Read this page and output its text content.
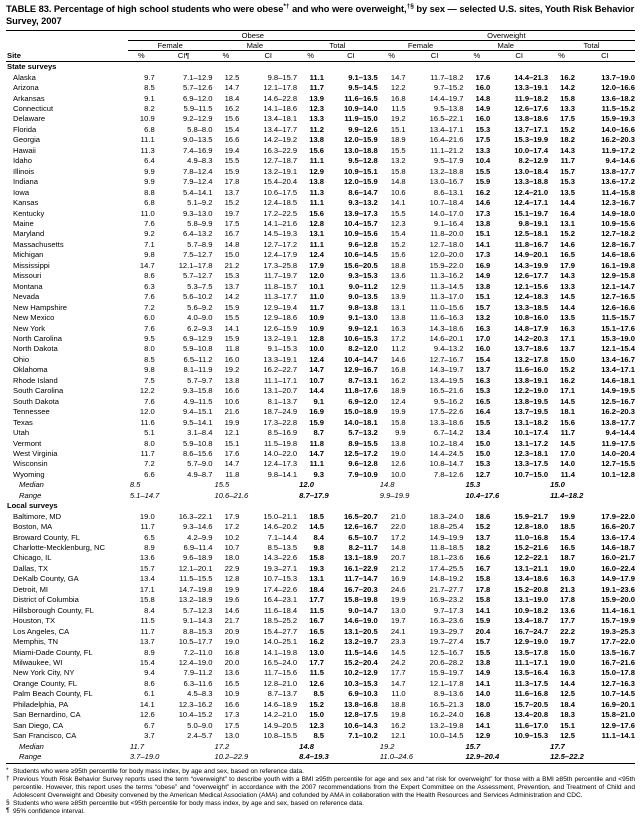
TABLE 83. Percentage of high school students who were obese*† and who were overweight,†§ by sex — selected U.S. sites, Youth Risk Behavior Survey, 2007
	Obese						Overweight					
	Female		Male		Total		Female		Male		Total	
Site	%	CI¶	%	CI	%	CI	%	CI	%	CI	%	CI
State surveys												
Alaska	9.7	7.1–12.9	12.5	9.8–15.7	11.1	9.1–13.5	14.7	11.7–18.2	17.6	14.4–21.3	16.2	13.7–19.0
Arizona	8.5	5.7–12.6	14.7	12.1–17.8	11.7	9.5–14.5	12.2	9.7–15.2	16.0	13.3–19.1	14.2	12.0–16.6
Arkansas	9.1	6.9–12.0	18.4	14.6–22.8	13.9	11.6–16.5	16.8	14.4–19.7	14.8	11.9–18.2	15.8	13.6–18.2
Connecticut	8.2	5.9–11.5	16.2	14.1–18.6	12.3	10.9–14.0	11.5	9.5–13.8	14.9	12.6–17.6	13.3	11.5–15.2
Delaware	10.9	9.2–12.9	15.6	13.4–18.1	13.3	11.9–15.0	19.2	16.5–22.1	16.0	13.8–18.6	17.5	15.9–19.3
Florida	6.8	5.8–8.0	15.4	13.4–17.7	11.2	9.9–12.6	15.1	13.4–17.1	15.3	13.7–17.1	15.2	14.0–16.6
Georgia	11.1	9.0–13.5	16.6	14.2–19.2	13.8	12.0–15.9	18.9	16.4–21.6	17.5	15.3–19.9	18.2	16.2–20.3
Hawaii	11.3	7.4–16.9	19.4	16.3–22.9	15.6	13.0–18.8	15.5	11.1–21.2	13.3	10.0–17.4	14.3	11.9–17.2
Idaho	6.4	4.9–8.3	15.5	12.7–18.7	11.1	9.5–12.8	13.2	9.5–17.9	10.4	8.2–12.9	11.7	9.4–14.6
Illinois	9.9	7.8–12.4	15.9	13.2–19.1	12.9	10.9–15.1	15.8	13.2–18.8	15.5	13.0–18.4	15.7	13.8–17.7
Indiana	9.9	7.9–12.4	17.8	15.4–20.4	13.8	12.0–15.9	14.8	13.0–16.7	15.9	13.3–18.8	15.3	13.6–17.2
Iowa	8.8	5.4–14.1	13.7	10.6–17.5	11.3	8.6–14.7	10.6	8.6–13.1	16.2	12.4–21.0	13.5	11.4–15.8
Kansas	6.8	5.1–9.2	15.2	12.4–18.5	11.1	9.3–13.2	14.1	10.7–18.4	14.6	12.4–17.1	14.4	12.3–16.7
Kentucky	11.0	9.3–13.0	19.7	17.2–22.5	15.6	13.9–17.3	15.5	14.0–17.0	17.3	15.1–19.7	16.4	14.9–18.0
Maine	7.6	5.8–9.9	17.5	14.1–21.6	12.8	10.4–15.7	12.3	9.1–16.4	13.8	9.8–19.1	13.1	10.9–15.6
Maryland	9.2	6.4–13.2	16.7	14.5–19.3	13.1	10.9–15.6	15.4	11.8–20.0	15.1	12.5–18.1	15.2	12.7–18.2
Massachusetts	7.1	5.7–8.9	14.8	12.7–17.2	11.1	9.6–12.8	15.2	12.7–18.0	14.1	11.8–16.7	14.6	12.8–16.7
Michigan	9.8	7.5–12.7	15.0	12.4–17.9	12.4	10.6–14.5	15.6	12.0–20.0	17.3	14.9–20.1	16.5	14.6–18.6
Mississippi	14.7	12.1–17.8	21.2	17.3–25.8	17.9	15.6–20.5	18.8	15.9–22.0	16.9	14.3–19.9	17.9	16.1–19.8
Missouri	8.6	5.7–12.7	15.3	11.7–19.7	12.0	9.3–15.3	13.6	11.3–16.2	14.9	12.6–17.7	14.3	12.9–15.8
Montana	6.3	5.3–7.5	13.7	11.8–15.7	10.1	9.0–11.2	12.9	11.3–14.5	13.8	12.1–15.6	13.3	12.1–14.7
Nevada	7.6	5.6–10.2	14.2	11.3–17.7	11.0	9.0–13.5	13.9	11.3–17.0	15.1	12.4–18.3	14.5	12.7–16.5
New Hampshire	7.2	5.6–9.2	15.9	12.9–19.4	11.7	9.8–13.8	13.1	11.0–15.6	15.7	13.3–18.5	14.4	12.6–16.6
New Mexico	6.0	4.0–9.0	15.5	12.9–18.6	10.9	9.1–13.0	13.8	11.6–16.3	13.2	10.8–16.0	13.5	11.5–15.7
New York	7.6	6.2–9.3	14.1	12.6–15.9	10.9	9.9–12.1	16.3	14.3–18.6	16.3	14.8–17.9	16.3	15.1–17.6
North Carolina	9.5	6.9–12.9	15.9	13.2–19.1	12.8	10.6–15.3	17.2	14.6–20.1	17.0	14.2–20.3	17.1	15.3–19.0
North Dakota	8.0	5.9–10.8	11.8	9.1–15.3	10.0	8.2–12.0	11.2	9.4–13.2	16.0	13.7–18.6	13.7	12.1–15.4
Ohio	8.5	6.5–11.2	16.0	13.3–19.1	12.4	10.4–14.7	14.6	12.7–16.7	15.4	13.2–17.8	15.0	13.4–16.7
Oklahoma	9.8	8.1–11.9	19.2	16.2–22.7	14.7	12.9–16.7	16.8	14.3–19.7	13.7	11.6–16.0	15.2	13.4–17.1
Rhode Island	7.5	5.7–9.7	13.8	11.1–17.1	10.7	8.7–13.1	16.2	13.4–19.5	16.3	13.8–19.1	16.2	14.6–18.1
South Carolina	12.2	9.3–15.8	16.6	13.1–20.7	14.4	11.8–17.6	18.9	16.5–21.6	15.3	12.2–19.0	17.1	14.9–19.5
South Dakota	7.6	4.9–11.5	10.6	8.1–13.7	9.1	6.9–12.0	12.4	9.5–16.2	16.5	13.8–19.5	14.5	12.5–16.7
Tennessee	12.0	9.4–15.1	21.6	18.7–24.9	16.9	15.0–18.9	19.9	17.5–22.6	16.4	13.7–19.5	18.1	16.2–20.3
Texas	11.6	9.5–14.1	19.9	17.3–22.8	15.9	14.0–18.1	15.8	13.3–18.6	15.5	13.1–18.2	15.6	13.8–17.7
Utah	5.1	3.1–8.4	12.1	8.5–16.9	8.7	5.7–13.2	9.9	6.7–14.2	13.4	10.1–17.4	11.7	9.4–14.4
Vermont	8.0	5.9–10.8	15.1	11.5–19.8	11.8	8.9–15.5	13.8	10.2–18.4	15.0	13.1–17.2	14.5	11.9–17.5
West Virginia	11.7	8.6–15.6	17.6	14.0–22.0	14.7	12.5–17.2	19.0	14.4–24.5	15.0	12.3–18.1	17.0	14.0–20.4
Wisconsin	7.2	5.7–9.0	14.7	12.4–17.3	11.1	9.6–12.8	12.6	10.8–14.7	15.3	13.3–17.5	14.0	12.7–15.5
Wyoming	6.6	4.9–8.7	11.8	9.8–14.1	9.3	7.9–10.9	10.0	7.8–12.6	12.7	10.7–15.0	11.4	10.1–12.8
Median	8.5		15.5		12.0		14.8		15.3		15.0	
Range	5.1–14.7		10.6–21.6		8.7–17.9		9.9–19.9		10.4–17.6		11.4–18.2	
Local surveys												
Baltimore, MD	19.0	16.3–22.1	17.9	15.0–21.1	18.5	16.5–20.7	21.0	18.3–24.0	18.6	15.9–21.7	19.9	17.9–22.0
Boston, MA	11.7	9.3–14.6	17.2	14.6–20.2	14.5	12.6–16.7	22.0	18.8–25.4	15.2	12.8–18.0	18.5	16.6–20.7
Broward County, FL	6.5	4.2–9.9	10.2	7.1–14.4	8.4	6.5–10.7	17.2	14.9–19.9	13.7	11.0–16.8	15.4	13.6–17.4
Charlotte-Mecklenburg, NC	8.9	6.9–11.4	10.7	8.5–13.5	9.8	8.2–11.7	14.8	11.8–18.5	18.2	15.2–21.6	16.5	14.6–18.7
Chicago, IL	13.6	9.6–18.9	18.0	14.3–22.6	15.8	13.1–18.9	20.7	18.1–23.6	16.6	12.2–22.1	18.7	16.0–21.7
Dallas, TX	15.7	12.1–20.1	22.9	19.3–27.1	19.3	16.1–22.9	21.2	17.4–25.5	16.7	13.1–21.1	19.0	16.0–22.4
DeKalb County, GA	13.4	11.5–15.5	12.8	10.7–15.3	13.1	11.7–14.7	16.9	14.8–19.2	15.8	13.4–18.6	16.3	14.9–17.9
Detroit, MI	17.1	14.7–19.8	19.9	17.4–22.6	18.4	16.7–20.3	24.6	21.7–27.7	17.8	15.2–20.8	21.3	19.1–23.6
District of Columbia	15.8	13.2–18.9	19.6	16.4–23.1	17.7	15.8–19.8	19.9	16.9–23.2	15.8	13.1–19.0	17.8	15.9–20.0
Hillsborough County, FL	8.4	5.7–12.3	14.6	11.6–18.4	11.5	9.0–14.7	13.0	9.7–17.3	14.1	10.9–18.2	13.6	11.4–16.1
Houston, TX	11.5	9.1–14.3	21.7	18.5–25.2	16.7	14.6–19.0	19.7	16.3–23.6	15.9	13.4–18.7	17.7	15.7–19.9
Los Angeles, CA	11.7	8.8–15.3	20.9	15.4–27.7	16.5	13.1–20.5	24.1	19.3–29.7	20.4	16.7–24.7	22.2	19.3–25.3
Memphis, TN	13.7	10.5–17.7	19.0	14.0–25.1	16.2	13.2–19.7	23.3	19.7–27.4	15.7	12.9–19.0	19.7	17.7–22.0
Miami-Dade County, FL	8.9	7.2–11.0	16.8	14.1–19.8	13.0	11.5–14.6	14.5	12.5–16.7	15.5	13.5–17.8	15.0	13.5–16.7
Milwaukee, WI	15.4	12.4–19.0	20.0	16.5–24.0	17.7	15.2–20.4	24.2	20.6–28.2	13.8	11.1–17.1	19.0	16.7–21.6
New York City, NY	9.4	7.9–11.2	13.6	11.7–15.6	11.5	10.2–12.9	17.7	15.9–19.7	14.9	13.5–16.4	16.3	15.0–17.8
Orange County, FL	8.6	6.3–11.6	16.5	12.8–21.0	12.6	10.3–15.3	14.7	12.1–17.8	14.1	11.3–17.5	14.4	12.7–16.3
Palm Beach County, FL	6.1	4.5–8.3	10.9	8.7–13.7	8.5	6.9–10.3	11.0	8.9–13.6	14.0	11.6–16.8	12.5	10.7–14.5
Philadelphia, PA	14.1	12.3–16.2	16.6	14.6–18.9	15.2	13.8–16.8	18.8	16.5–21.3	18.0	15.7–20.5	18.4	16.9–20.1
San Bernardino, CA	12.6	10.4–15.2	17.3	14.2–21.0	15.0	12.8–17.5	19.8	16.2–24.0	16.8	13.4–20.8	18.3	15.8–21.0
San Diego, CA	6.7	5.0–9.0	17.5	14.9–20.5	12.3	10.6–14.3	16.2	13.2–19.8	14.1	11.6–17.0	15.1	12.9–17.6
San Francisco, CA	3.7	2.4–5.7	13.0	10.8–15.5	8.5	7.1–10.2	12.1	10.0–14.5	12.9	10.9–15.3	12.5	11.1–14.1
Median	11.7		17.2		14.8		19.2		15.7		17.7	
Range	3.7–19.0		10.2–22.9		8.4–19.3		11.0–24.6		12.9–20.4		12.5–22.2	

* Students who were ≥95th percentile for body mass index, by age and sex, based on reference data.
† Previous Youth Risk Behavior Survey reports used the term “overweight” to describe youth with a BMI ≥95th percentile for age and sex and “at risk for overweight” for those with a BMI ≥85th percentile and <95th percentile. However, this report uses the terms “obese” and “overweight” in accordance with the 2007 recommendations from the Expert Committee on the Assessment, Prevention, and Treatment of Child and Adolescent Overweight and Obesity convened by the American Medical Association (AMA) and cofunded by AMA in collaboration with the Health Resources and Services Administration and CDC.
§ Students who were ≥85th percentile but <95th percentile for body mass index, by age and sex, based on reference data.
¶ 95% confidence interval.
